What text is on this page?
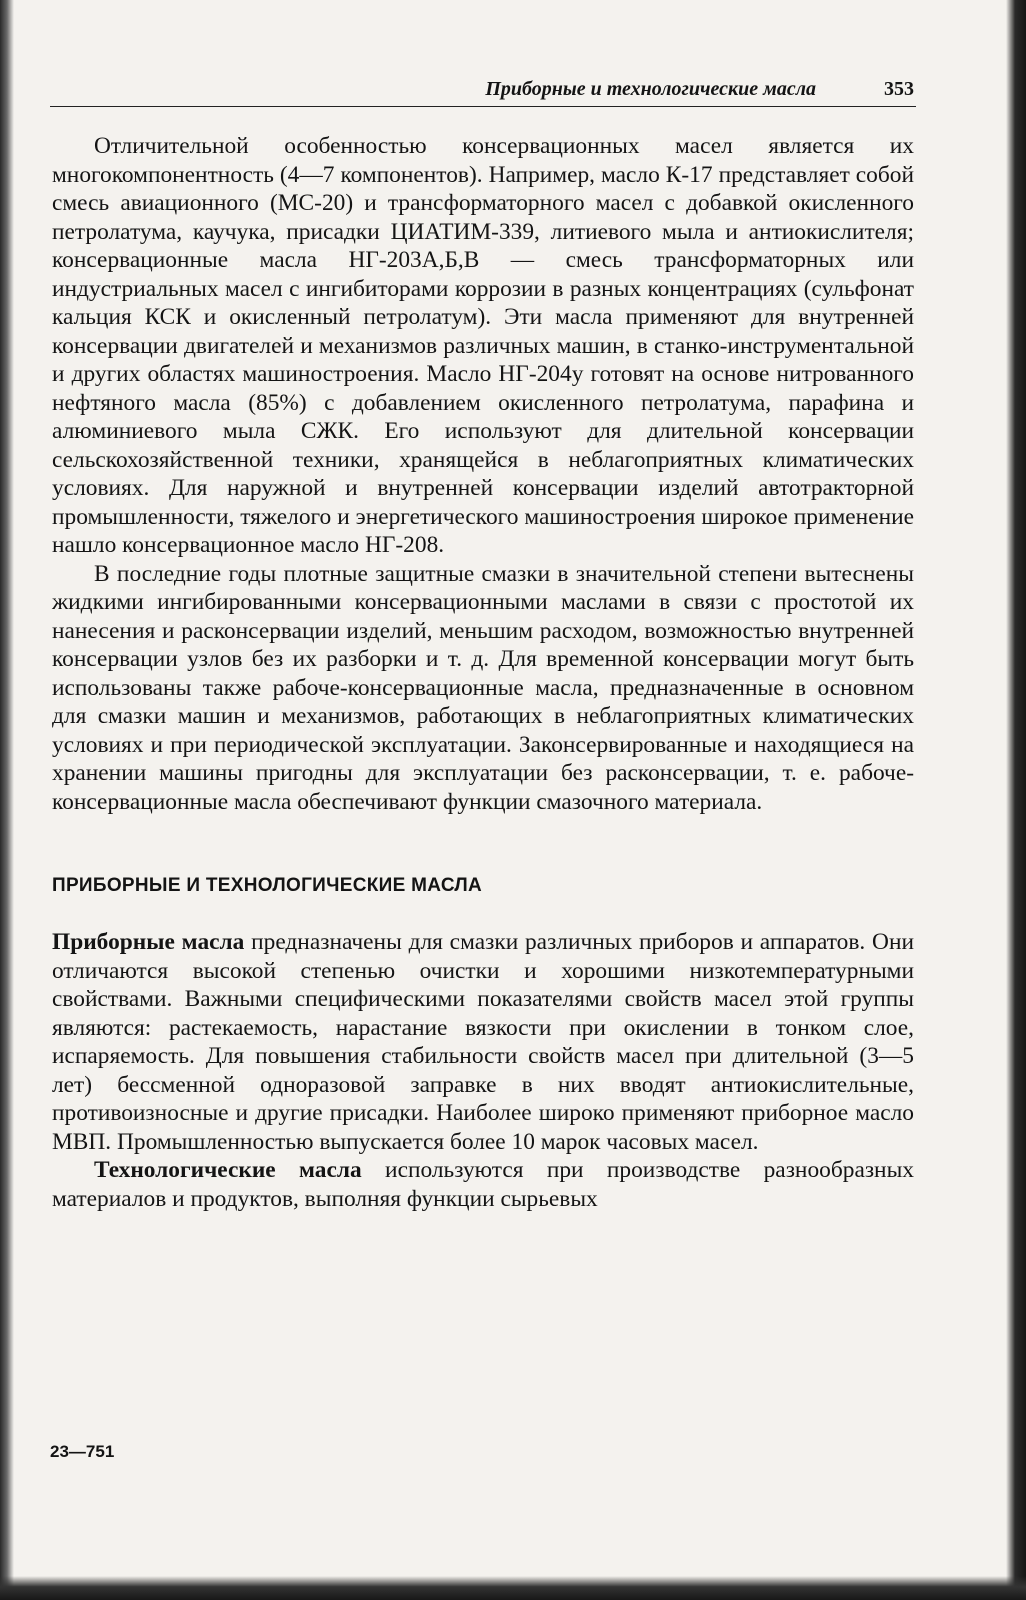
Приборные и технологические масла	353

Отличительной особенностью консервационных масел является их многокомпонентность (4—7 компонентов). Например, масло К-17 представляет собой смесь авиационного (МС-20) и трансформаторного масел с добавкой окисленного петролатума, каучука, присадки ЦИАТИМ-339, литиевого мыла и антиокислителя; консервационные масла НГ-203А,Б,В — смесь трансформаторных или индустриальных масел с ингибиторами коррозии в разных концентрациях (сульфонат кальция КСК и окисленный петролатум). Эти масла применяют для внутренней консервации двигателей и механизмов различных машин, в станко-инструментальной и других областях машиностроения. Масло НГ-204у готовят на основе нитрованного нефтяного масла (85%) с добавлением окисленного петролатума, парафина и алюминиевого мыла СЖК. Его используют для длительной консервации сельскохозяйственной техники, хранящейся в неблагоприятных климатических условиях. Для наружной и внутренней консервации изделий автотракторной промышленности, тяжелого и энергетического машиностроения широкое применение нашло консервационное масло НГ-208.

В последние годы плотные защитные смазки в значительной степени вытеснены жидкими ингибированными консервационными маслами в связи с простотой их нанесения и расконсервации изделий, меньшим расходом, возможностью внутренней консервации узлов без их разборки и т. д. Для временной консервации могут быть использованы также рабоче-консервационные масла, предназначенные в основном для смазки машин и механизмов, работающих в неблагоприятных климатических условиях и при периодической эксплуатации. Законсервированные и находящиеся на хранении машины пригодны для эксплуатации без расконсервации, т. е. рабоче-консервационные масла обеспечивают функции смазочного материала.

ПРИБОРНЫЕ И ТЕХНОЛОГИЧЕСКИЕ МАСЛА

Приборные масла предназначены для смазки различных приборов и аппаратов. Они отличаются высокой степенью очистки и хорошими низкотемпературными свойствами. Важными специфическими показателями свойств масел этой группы являются: растекаемость, нарастание вязкости при окислении в тонком слое, испаряемость. Для повышения стабильности свойств масел при длительной (3—5 лет) бессменной одноразовой заправке в них вводят антиокислительные, противоизносные и другие присадки. Наиболее широко применяют приборное масло МВП. Промышленностью выпускается более 10 марок часовых масел.

Технологические масла используются при производстве разнообразных материалов и продуктов, выполняя функции сырьевых

23—751
